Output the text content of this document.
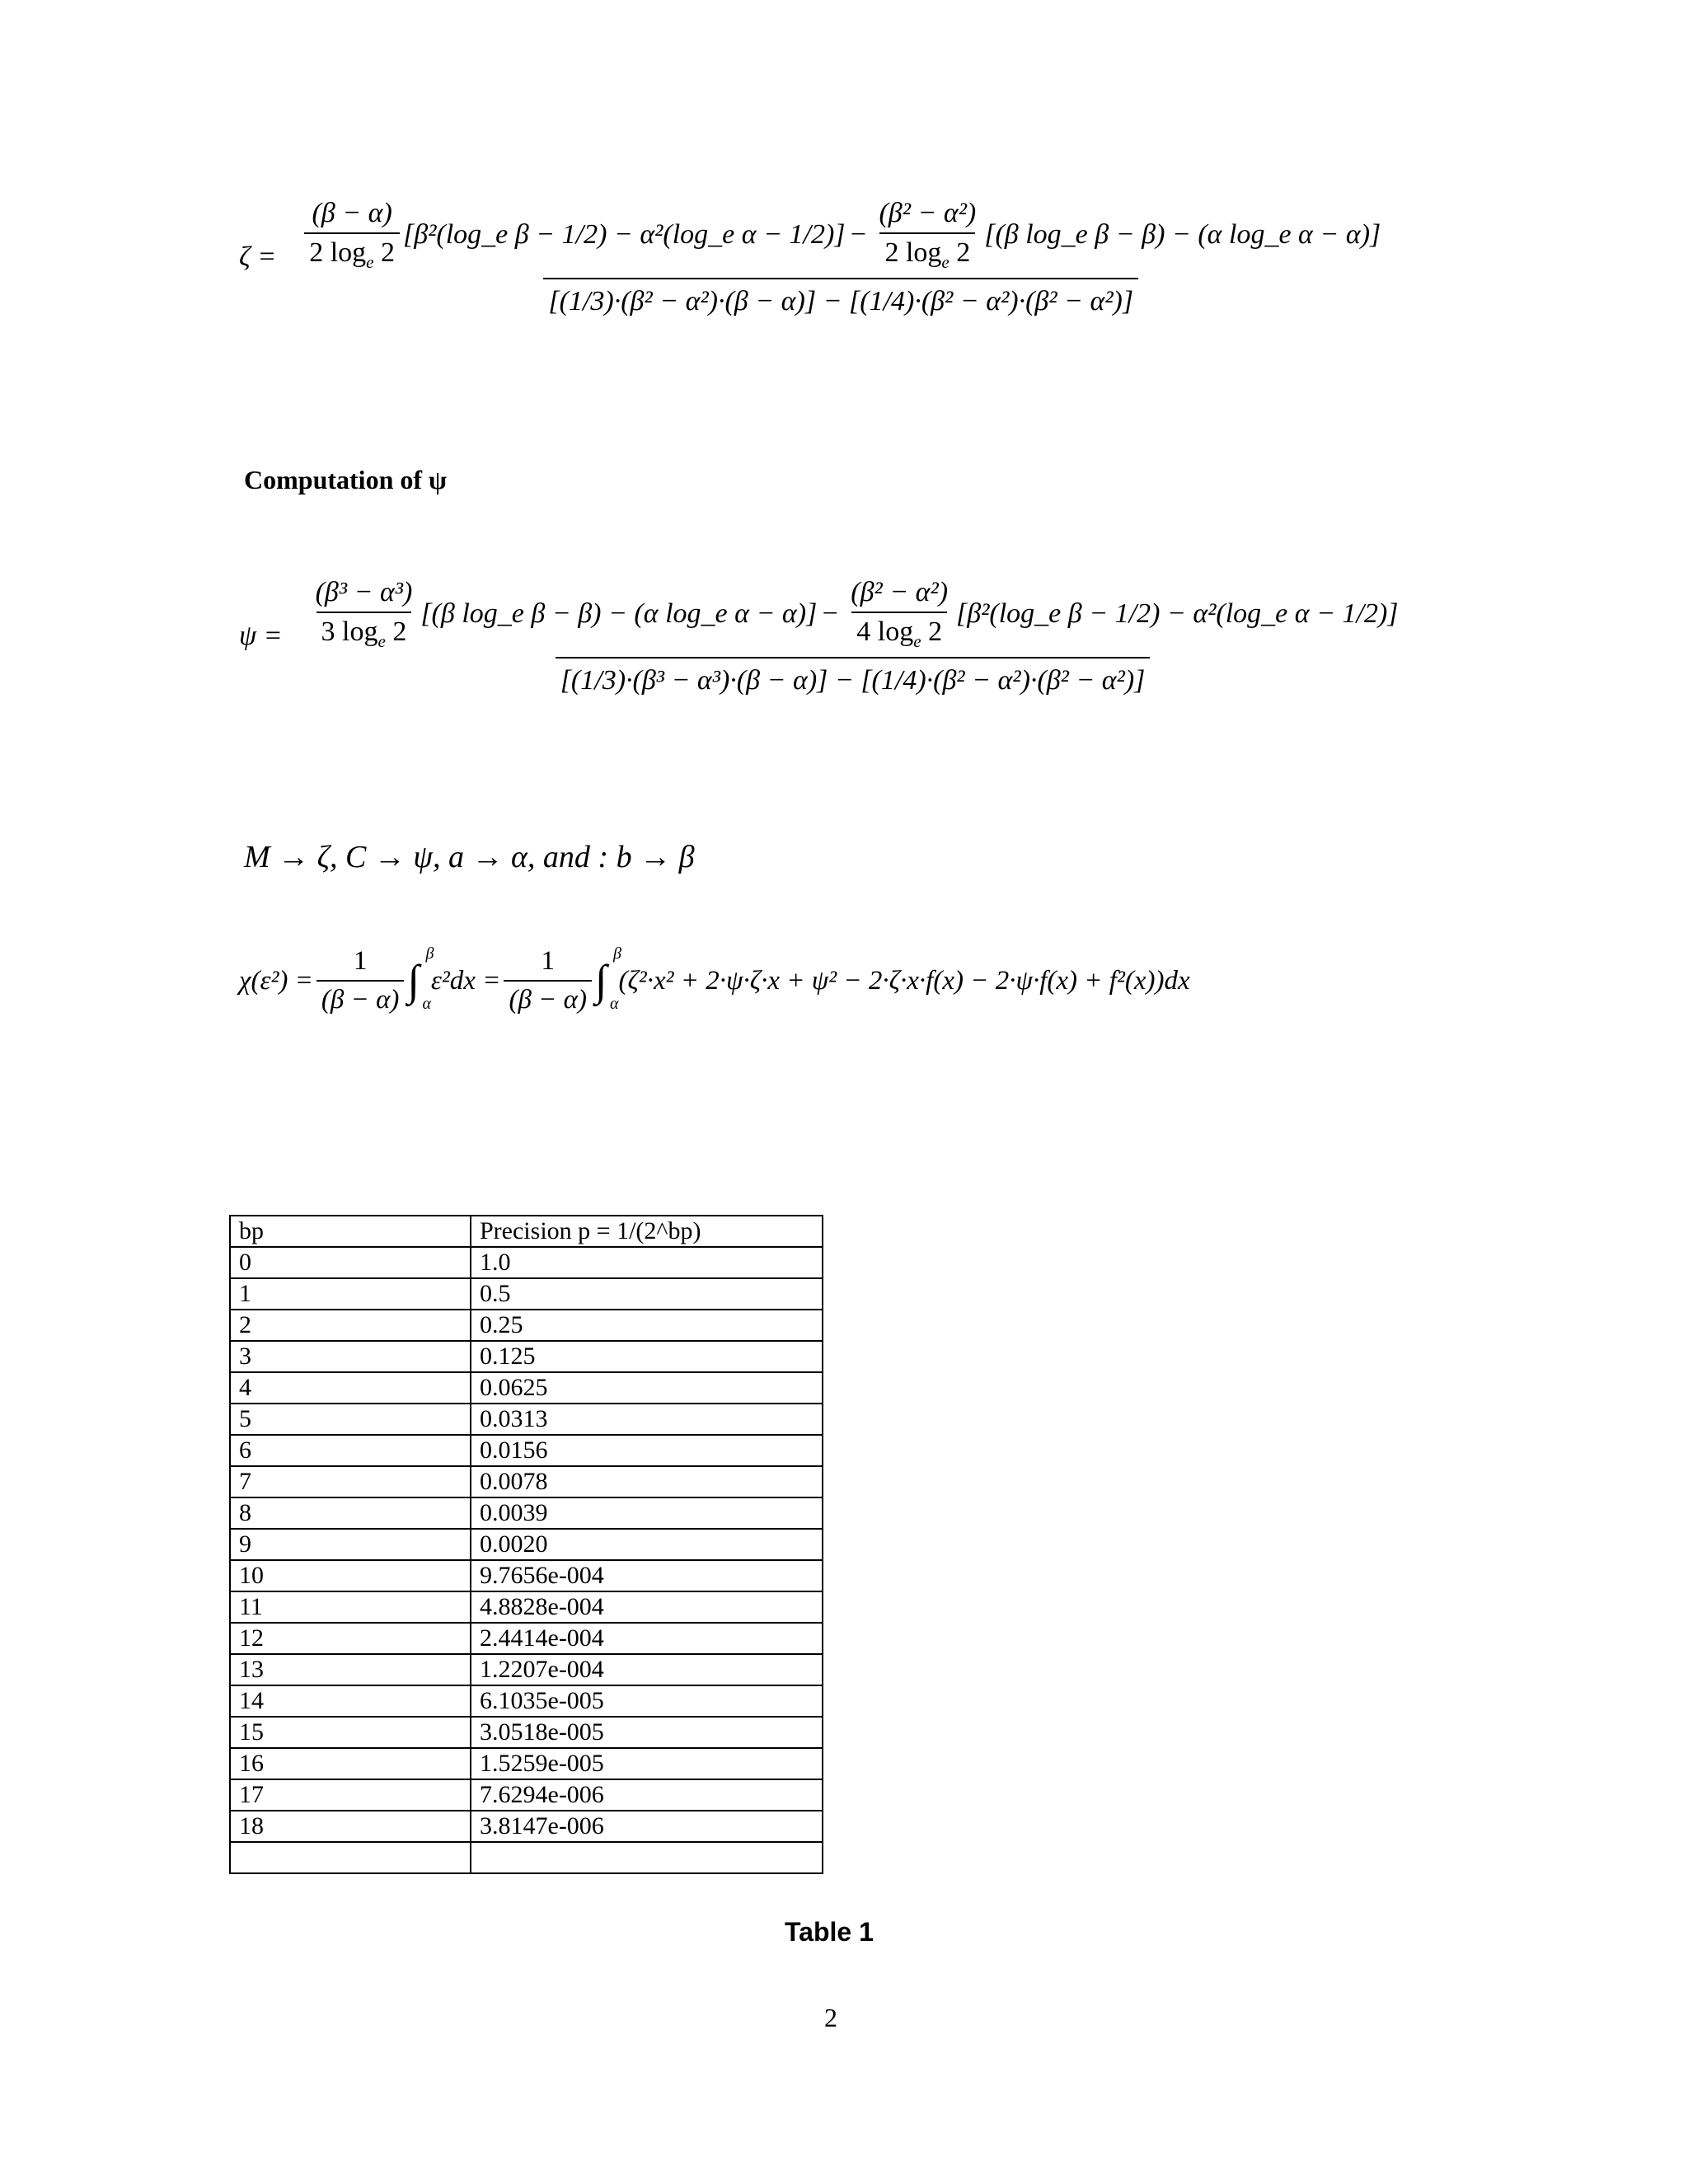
$\zeta = \frac{(\beta - \alpha)}{2 \log_e 2}$ [β²(log_e β − 1/2) − α²(log_e $\alpha - 1/2)] - \frac{\text{(β² − α²)}}{2 \log_e 2} [(\beta$ log_e β − β) − (α log_e α − α)]
[(1/3)·(β² − α²)·(β − α)] − [(1/4)·(β² − α²)·(β² − α²)]
Computation of ψ
$\psi = \frac{\text{(β³ − α³)}}{3 \log_e 2} [(\beta$ log_e β − β) − (α log_e $\alpha - \alpha)] - \frac{\text{(β² − α²)}}{4 \log_e 2}$ [β²(log_e β − 1/2) − α²(log_e α − 1/2)]
[(1/3)·(β³ − α³)·(β − α)] − [(1/4)·(β² − α²)·(β² − α²)]
M → ζ, C → ψ, a → α, and : b → β
$\chi(\varepsilon^2) = \frac{1}{(\beta - \alpha)}$ ∫
β
α
$\varepsilon^2dx = \frac{1}{(\beta - \alpha)}$ ∫
β
α
(ζ²·x² + 2·ψ·ζ·x + ψ² − 2·ζ·x·f(x) − 2·ψ·f(x) + f²(x))dx
bp	Precision p = 1/(2^bp)
0	1.0
1	0.5
2	0.25
3	0.125
4	0.0625
5	0.0313
6	0.0156
7	0.0078
8	0.0039
9	0.0020
10	9.7656e-004
11	4.8828e-004
12	2.4414e-004
13	1.2207e-004
14	6.1035e-005
15	3.0518e-005
16	1.5259e-005
17	7.6294e-006
18	3.8147e-006

Table 1
2
